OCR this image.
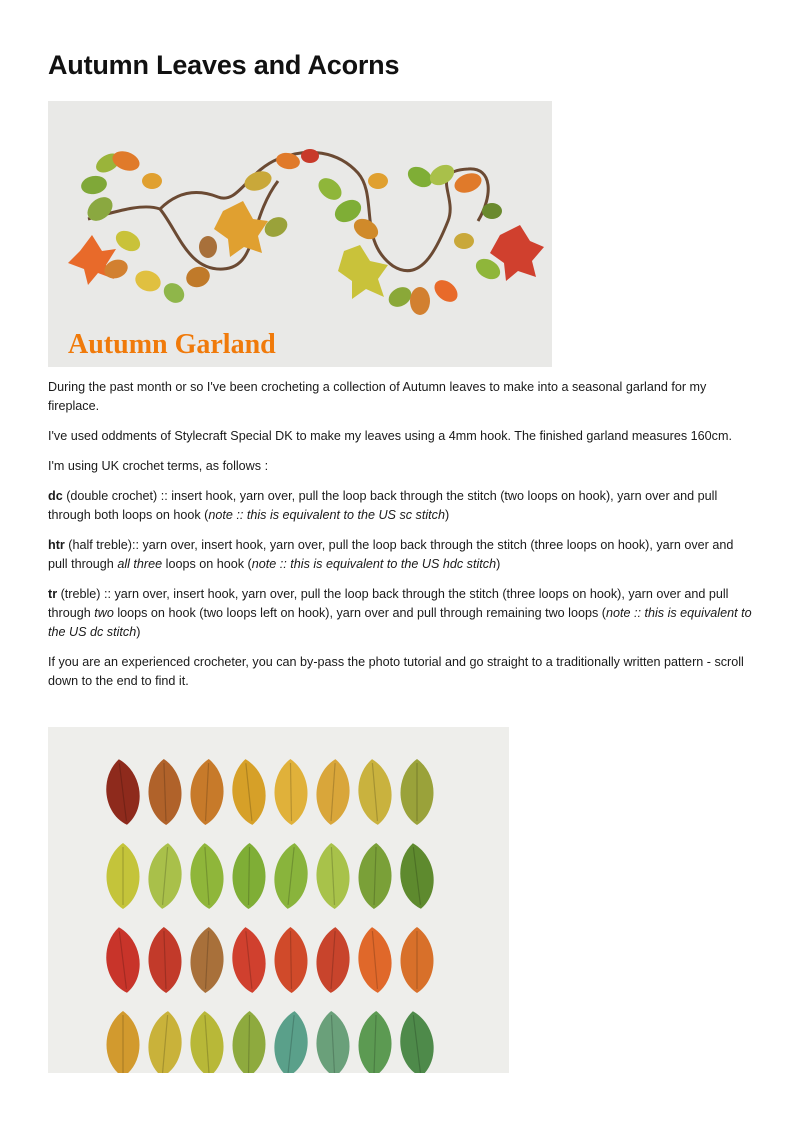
Autumn Leaves and Acorns
Autumn Garland

During the past month or so I've been crocheting a collection of Autumn leaves to make into a seasonal garland for my fireplace.

I've used oddments of Stylecraft Special DK to make my leaves using a 4mm hook. The finished garland measures 160cm.

I'm using UK crochet terms, as follows :

dc (double crochet) :: insert hook, yarn over, pull the loop back through the stitch (two loops on hook), yarn over and pull through both loops on hook (note :: this is equivalent to the US sc stitch)

htr (half treble):: yarn over, insert hook, yarn over, pull the loop back through the stitch (three loops on hook), yarn over and pull through all three loops on hook (note :: this is equivalent to the US hdc stitch)

tr (treble) :: yarn over, insert hook, yarn over, pull the loop back through the stitch (three loops on hook), yarn over and pull through two loops on hook (two loops left on hook), yarn over and pull through remaining two loops (note :: this is equivalent to the US dc stitch)

If you are an experienced crocheter, you can by-pass the photo tutorial and go straight to a traditionally written pattern - scroll down to the end to find it.
